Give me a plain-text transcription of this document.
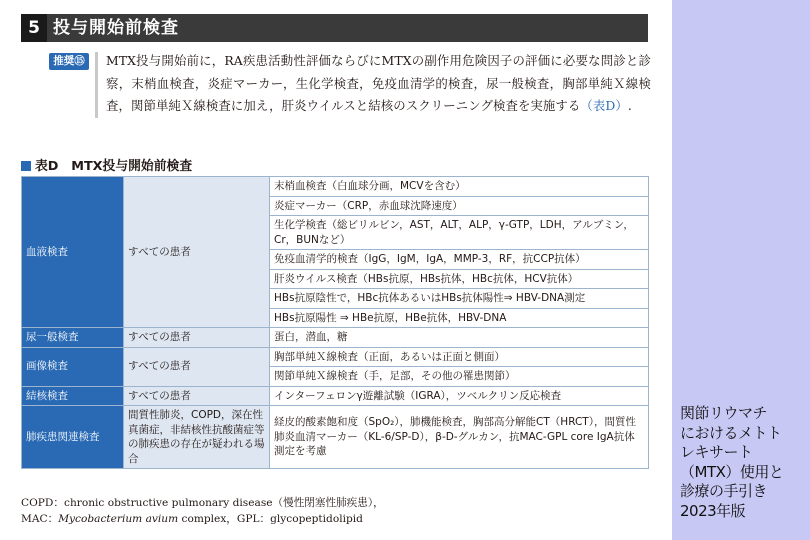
5 投与開始前検査
推奨⑮	MTX投与開始前に，RA疾患活動性評価ならびにMTXの副作用危険因子の評価に必要な問診と診察，末梢血検査，炎症マーカー，生化学検査，免疫血清学的検査，尿一般検査，胸部単純Ｘ線検査，関節単純Ｘ線検査に加え，肝炎ウイルスと結核のスクリーニング検査を実施する（表D）.
表D　MTX投与開始前検査
血液検査	すべての患者	末梢血検査（白血球分画，MCVを含む）
		炎症マーカー（CRP，赤血球沈降速度）
		生化学検査（総ビリルビン，AST，ALT，ALP，γ-GTP，LDH，アルブミン，Cr，BUNなど）
		免疫血清学的検査（IgG，IgM，IgA，MMP-3，RF，抗CCP抗体）
		肝炎ウイルス検査（HBs抗原，HBs抗体，HBc抗体，HCV抗体）
		HBs抗原陰性で，HBc抗体あるいはHBs抗体陽性⇒ HBV-DNA測定
		HBs抗原陽性 ⇒ HBe抗原，HBe抗体，HBV-DNA
尿一般検査	すべての患者	蛋白，潜血，糖
画像検査	すべての患者	胸部単純Ｘ線検査（正面，あるいは正面と側面）
		関節単純Ｘ線検査（手，足部，その他の罹患関節）
結核検査	すべての患者	インターフェロンγ遊離試験（IGRA），ツベルクリン反応検査
肺疾患関連検査	間質性肺炎，COPD，深在性真菌症，非結核性抗酸菌症等の肺疾患の存在が疑われる場合	経皮的酸素飽和度（SpO₂），肺機能検査，胸部高分解能CT（HRCT），間質性肺炎血清マーカー（KL-6/SP-D），β-D-グルカン，抗MAC-GPL core IgA抗体測定を考慮
COPD：chronic obstructive pulmonary disease（慢性閉塞性肺疾患），
MAC：Mycobacterium avium complex，GPL：glycopeptidolipid
関節リウマチ
におけるメトト
レキサート
（MTX）使用と
診療の手引き
2023年版
